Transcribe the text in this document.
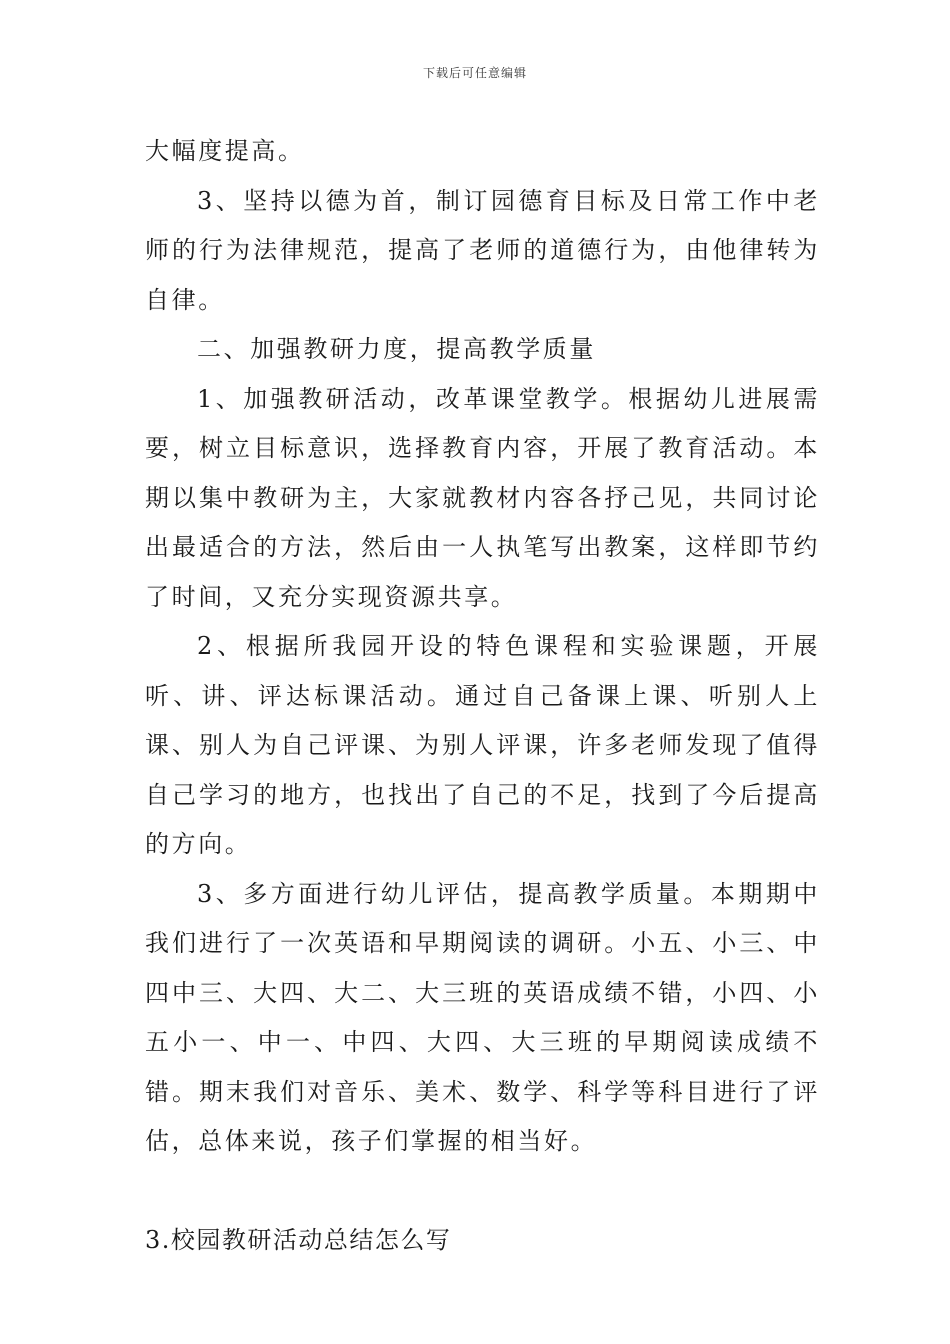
下载后可任意编辑

大幅度提高。

3、坚持以德为首，制订园德育目标及日常工作中老师的行为法律规范，提高了老师的道德行为，由他律转为自律。

二、加强教研力度，提高教学质量

1、加强教研活动，改革课堂教学。根据幼儿进展需要，树立目标意识，选择教育内容，开展了教育活动。本期以集中教研为主，大家就教材内容各抒己见，共同讨论出最适合的方法，然后由一人执笔写出教案，这样即节约了时间，又充分实现资源共享。

2、根据所我园开设的特色课程和实验课题，开展听、讲、评达标课活动。通过自己备课上课、听别人上课、别人为自己评课、为别人评课，许多老师发现了值得自己学习的地方，也找出了自己的不足，找到了今后提高的方向。

3、多方面进行幼儿评估，提高教学质量。本期期中我们进行了一次英语和早期阅读的调研。小五、小三、中四中三、大四、大二、大三班的英语成绩不错，小四、小五小一、中一、中四、大四、大三班的早期阅读成绩不错。期末我们对音乐、美术、数学、科学等科目进行了评估，总体来说，孩子们掌握的相当好。

3.校园教研活动总结怎么写
